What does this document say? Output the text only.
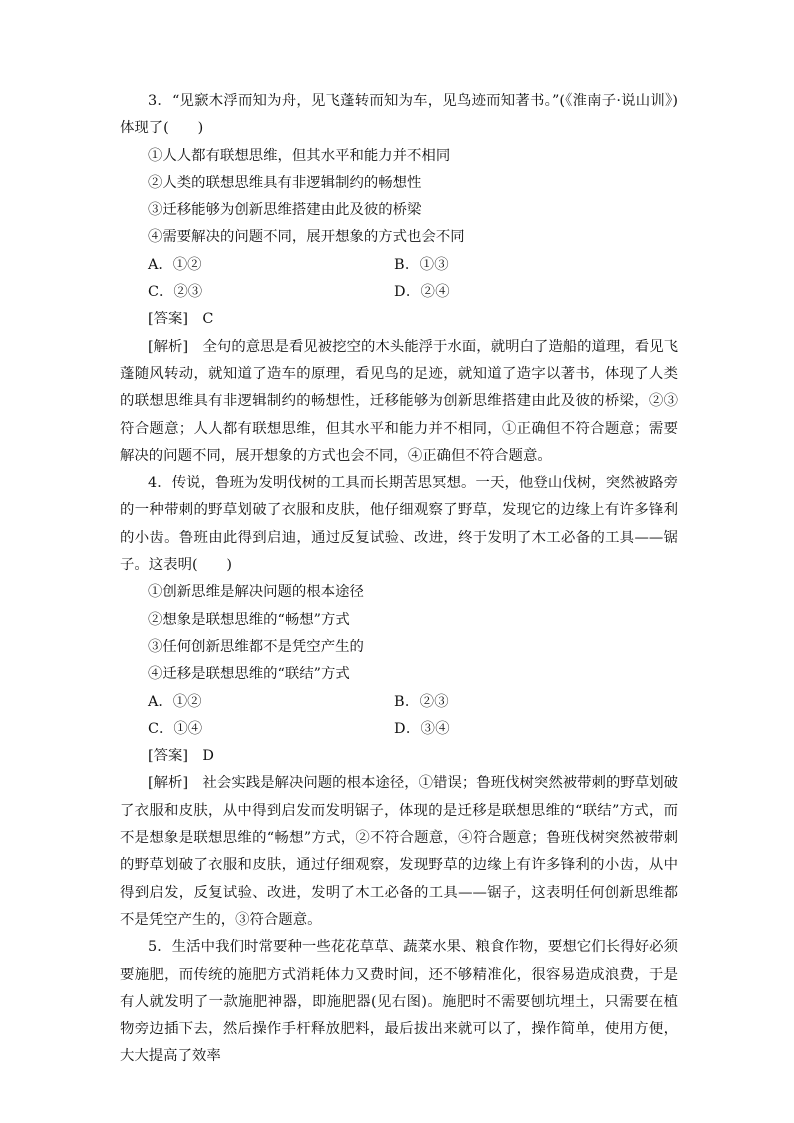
3．“见窾木浮而知为舟，见飞蓬转而知为车，见鸟迹而知著书。”(《淮南子·说山训》)体现了(　　)

①人人都有联想思维，但其水平和能力并不相同

②人类的联想思维具有非逻辑制约的畅想性

③迁移能够为创新思维搭建由此及彼的桥梁

④需要解决的问题不同，展开想象的方式也会不同

A．①②	B．①③
C．②③	D．②④

[答案]　C

[解析]　全句的意思是看见被挖空的木头能浮于水面，就明白了造船的道理，看见飞蓬随风转动，就知道了造车的原理，看见鸟的足迹，就知道了造字以著书，体现了人类的联想思维具有非逻辑制约的畅想性，迁移能够为创新思维搭建由此及彼的桥梁，②③符合题意；人人都有联想思维，但其水平和能力并不相同，①正确但不符合题意；需要解决的问题不同，展开想象的方式也会不同，④正确但不符合题意。

4．传说，鲁班为发明伐树的工具而长期苦思冥想。一天，他登山伐树，突然被路旁的一种带刺的野草划破了衣服和皮肤，他仔细观察了野草，发现它的边缘上有许多锋利的小齿。鲁班由此得到启迪，通过反复试验、改进，终于发明了木工必备的工具——锯子。这表明(　　)

①创新思维是解决问题的根本途径

②想象是联想思维的“畅想”方式

③任何创新思维都不是凭空产生的

④迁移是联想思维的“联结”方式

A．①②	B．②③
C．①④	D．③④

[答案]　D

[解析]　社会实践是解决问题的根本途径，①错误；鲁班伐树突然被带刺的野草划破了衣服和皮肤，从中得到启发而发明锯子，体现的是迁移是联想思维的“联结”方式，而不是想象是联想思维的“畅想”方式，②不符合题意，④符合题意；鲁班伐树突然被带刺的野草划破了衣服和皮肤，通过仔细观察，发现野草的边缘上有许多锋利的小齿，从中得到启发，反复试验、改进，发明了木工必备的工具——锯子，这表明任何创新思维都不是凭空产生的，③符合题意。

5．生活中我们时常要种一些花花草草、蔬菜水果、粮食作物，要想它们长得好必须要施肥，而传统的施肥方式消耗体力又费时间，还不够精准化，很容易造成浪费，于是有人就发明了一款施肥神器，即施肥器(见右图)。施肥时不需要刨坑埋土，只需要在植物旁边插下去，然后操作手杆释放肥料，最后拔出来就可以了，操作简单，使用方便，大大提高了效率
